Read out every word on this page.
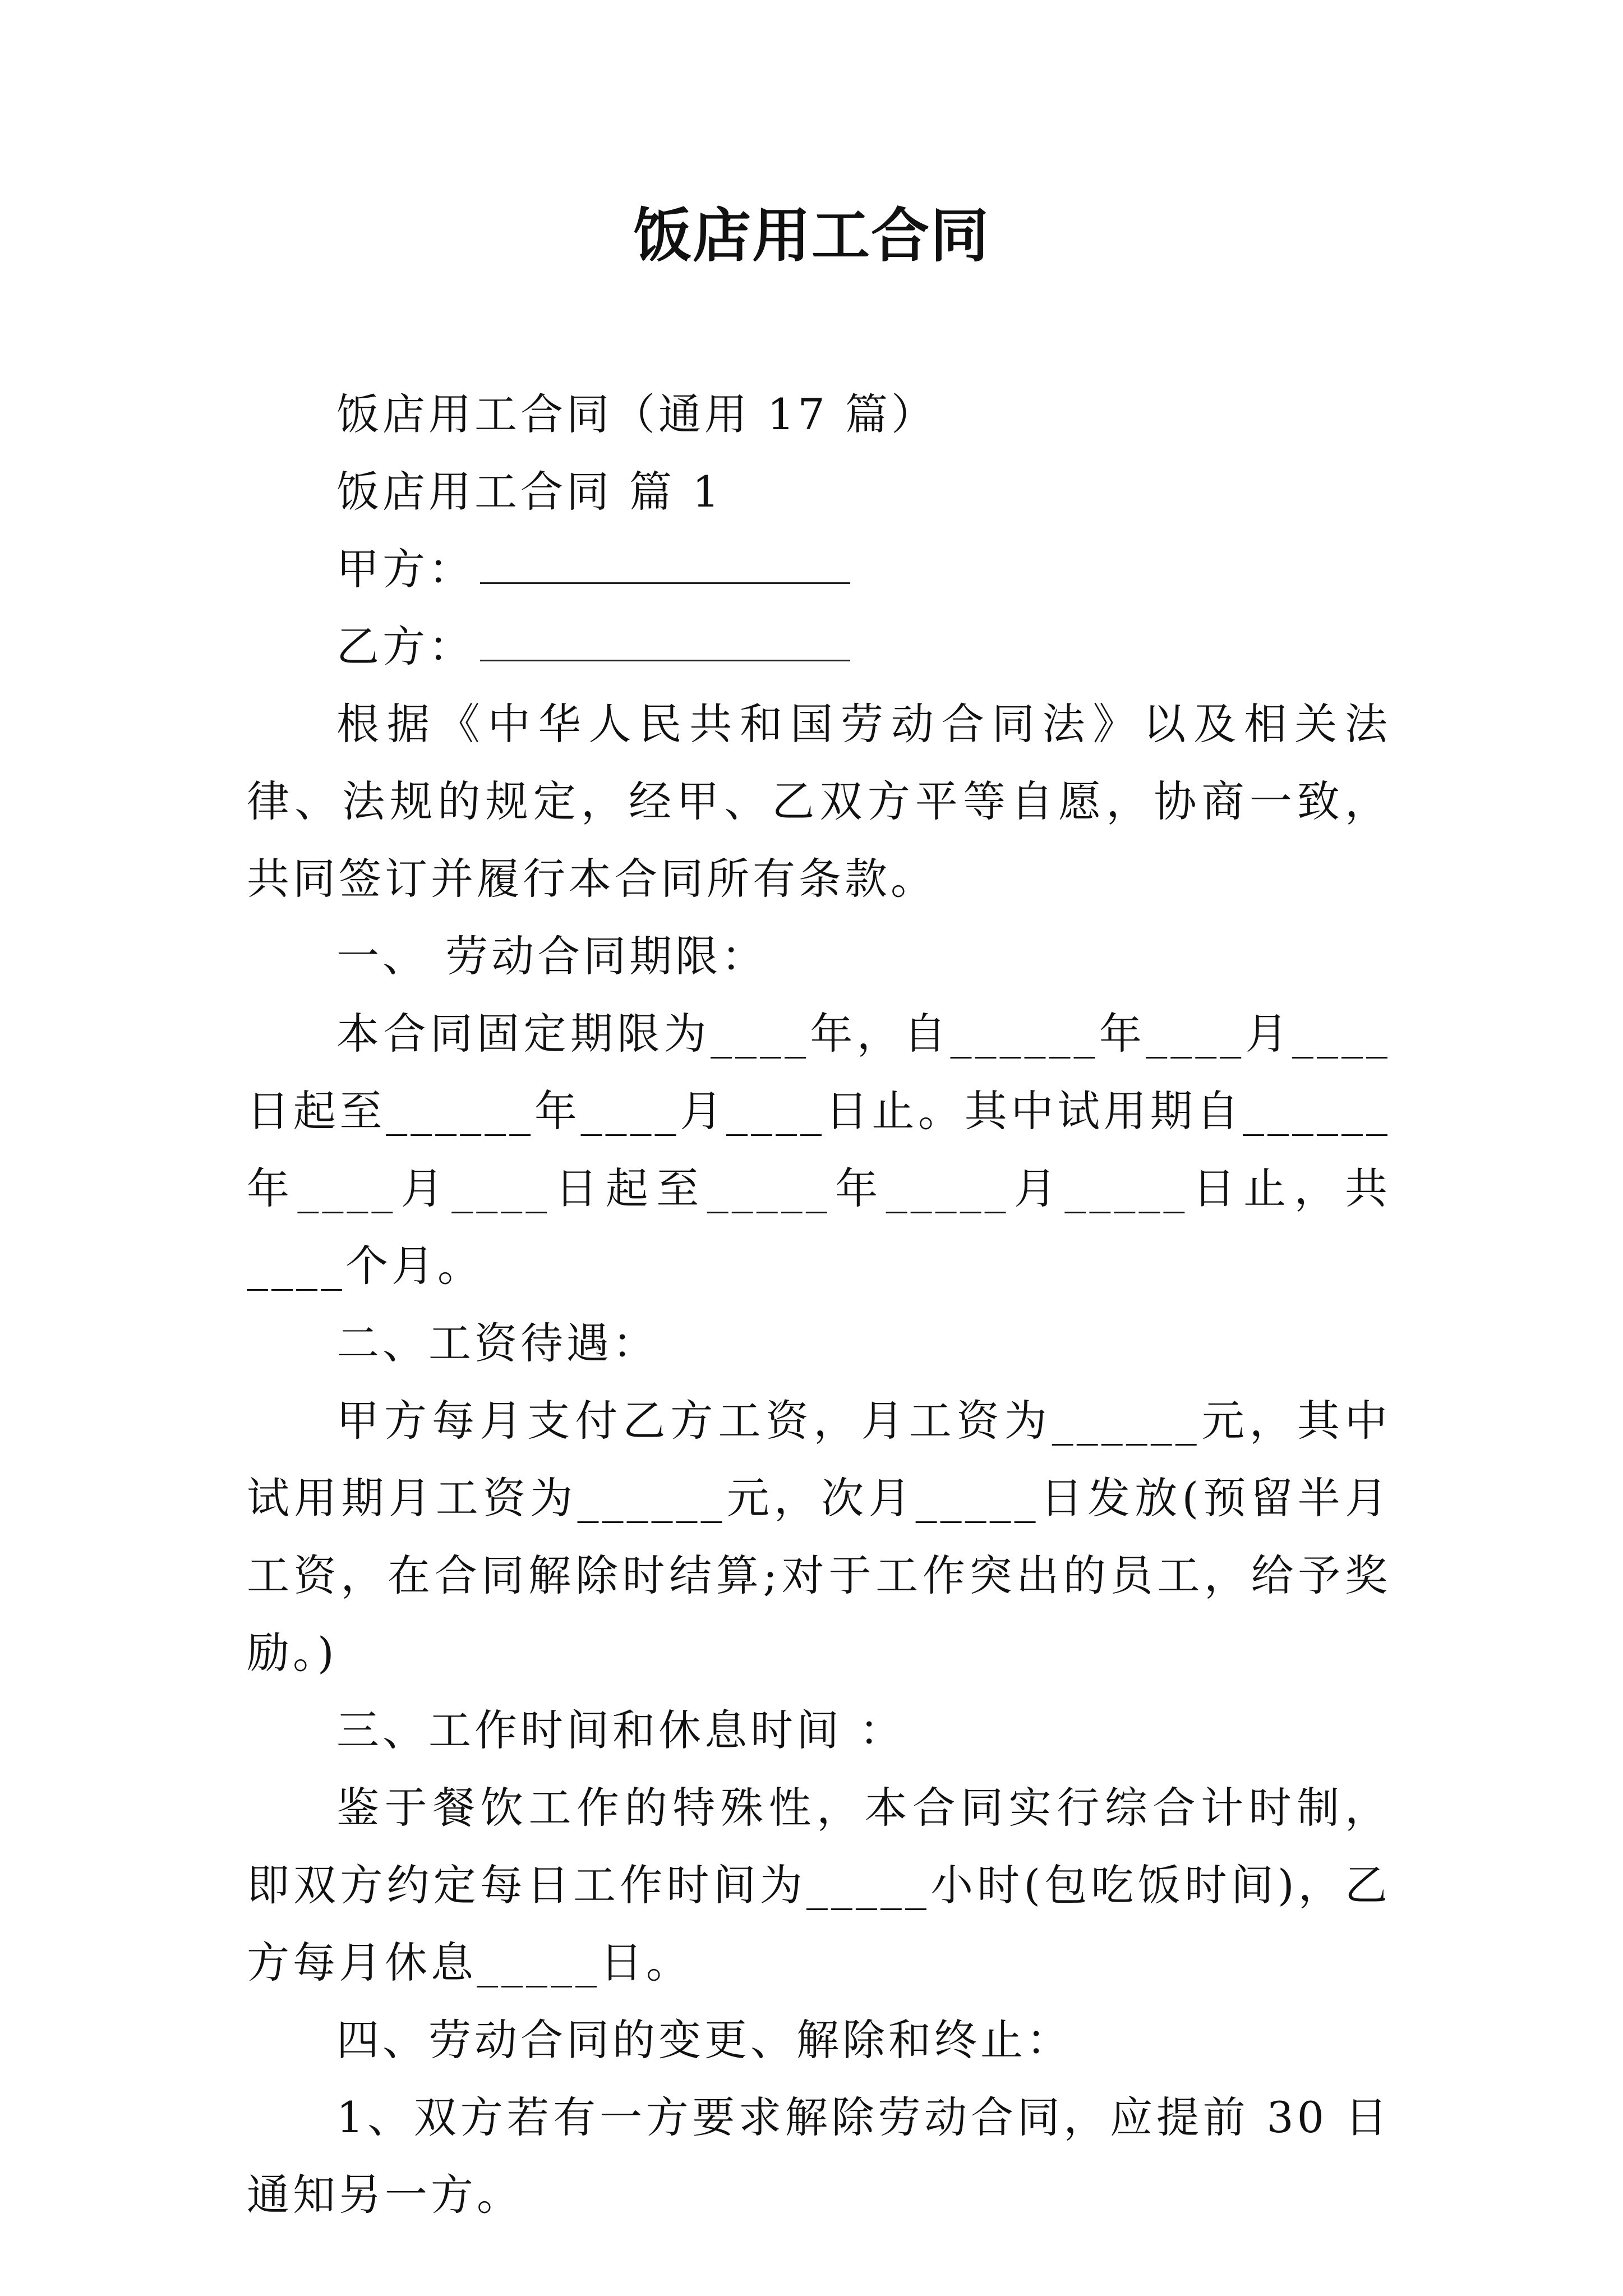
饭店用工合同

饭店用工合同（通用 17 篇）

饭店用工合同 篇 1

甲方：

乙方：

根据《中华人民共和国劳动合同法》以及相关法律、法规的规定，经甲、乙双方平等自愿，协商一致，共同签订并履行本合同所有条款。

一、 劳动合同期限：

本合同固定期限为____年，自______年____月____日起至______年____月____日止。其中试用期自______年____月____日起至_____年_____月_____日止，共____个月。

二、工资待遇：

甲方每月支付乙方工资，月工资为______元，其中试用期月工资为______元，次月_____日发放(预留半月工资，在合同解除时结算;对于工作突出的员工，给予奖励。)

三、工作时间和休息时间 ：

鉴于餐饮工作的特殊性，本合同实行综合计时制，即双方约定每日工作时间为_____小时(包吃饭时间)，乙方每月休息_____日。

四、劳动合同的变更、解除和终止：

1、双方若有一方要求解除劳动合同，应提前 30 日通知另一方。
